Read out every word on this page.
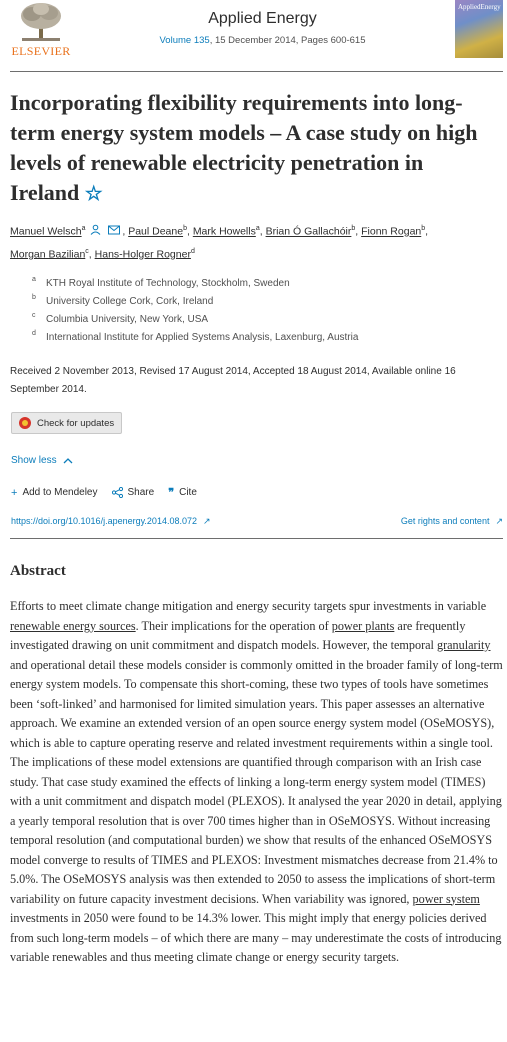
ELSEVIER
Applied Energy
Volume 135, 15 December 2014, Pages 600-615
AppliedEnergy
Incorporating flexibility requirements into long-term energy system models – A case study on high levels of renewable electricity penetration in Ireland ☆
Manuel Welsch$^a$	, Paul Deane$^b$, Mark Howells$^a$, Brian Ó Gallachóir$^b$, Fionn Rogan$^b$,
Morgan Bazilian$^c$, Hans-Holger Rogner$^d$
a	KTH Royal Institute of Technology, Stockholm, Sweden
b	University College Cork, Cork, Ireland
c	Columbia University, New York, USA
d	International Institute for Applied Systems Analysis, Laxenburg, Austria
Received 2 November 2013, Revised 17 August 2014, Accepted 18 August 2014, Available online 16 September 2014.
Check for updates
Show less
+ Add to Mendeley	Share ❞ Cite
https://doi.org/10.1016/j.apenergy.2014.08.072 ↗	Get rights and content ↗
Abstract

Efforts to meet climate change mitigation and energy security targets spur investments in variable renewable energy sources. Their implications for the operation of power plants are frequently investigated drawing on unit commitment and dispatch models. However, the temporal granularity and operational detail these models consider is commonly omitted in the broader family of long-term energy system models. To compensate this short-coming, these two types of tools have sometimes been ‘soft-linked’ and harmonised for limited simulation years. This paper assesses an alternative approach. We examine an extended version of an open source energy system model (OSeMOSYS), which is able to capture operating reserve and related investment requirements within a single tool. The implications of these model extensions are quantified through comparison with an Irish case study. That case study examined the effects of linking a long-term energy system model (TIMES) with a unit commitment and dispatch model (PLEXOS). It analysed the year 2020 in detail, applying a yearly temporal resolution that is over 700 times higher than in OSeMOSYS. Without increasing temporal resolution (and computational burden) we show that results of the enhanced OSeMOSYS model converge to results of TIMES and PLEXOS: Investment mismatches decrease from 21.4% to 5.0%. The OSeMOSYS analysis was then extended to 2050 to assess the implications of short-term variability on future capacity investment decisions. When variability was ignored, power system investments in 2050 were found to be 14.3% lower. This might imply that energy policies derived from such long-term models – of which there are many – may underestimate the costs of introducing variable renewables and thus meeting climate change or energy security targets.
